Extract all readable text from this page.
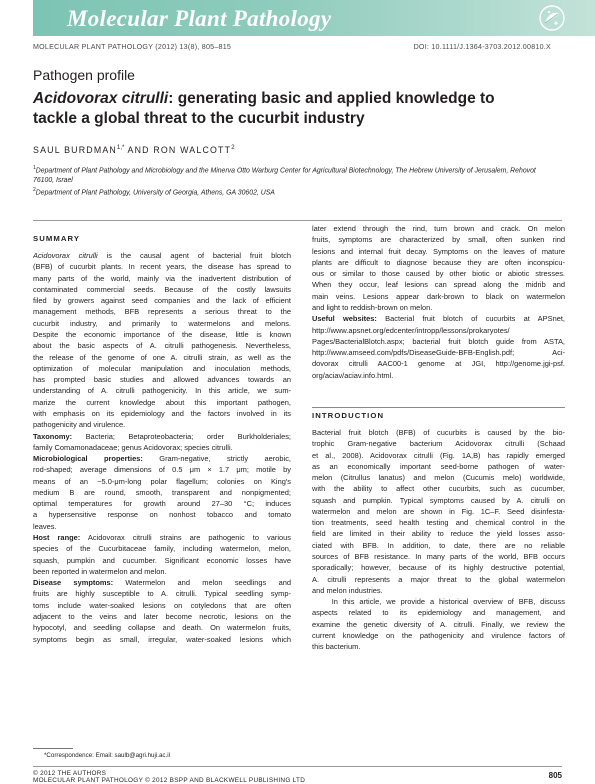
Molecular Plant Pathology
MOLECULAR PLANT PATHOLOGY (2012) 13(8), 805–815	DOI: 10.1111/J.1364-3703.2012.00810.X
Pathogen profile
Acidovorax citrulli: generating basic and applied knowledge to
tackle a global threat to the cucurbit industry
SAUL $BURDMAN^{1,*}$ AND RON WALCOTT$^2$
$^1$Department of Plant Pathology and Microbiology and the Minerva Otto Warburg Center for Agricultural Biotechnology, The Hebrew University of Jerusalem, Rehovot
76100, Israel
$^2$Department of Plant Pathology, University of Georgia, Athens, GA 30602, USA

SUMMARY

Acidovorax citrulli is the causal agent of bacterial fruit blotch
(BFB) of cucurbit plants. In recent years, the disease has spread to
many parts of the world, mainly via the inadvertent distribution of
contaminated commercial seeds. Because of the costly lawsuits
filed by growers against seed companies and the lack of efficient
management methods, BFB represents a serious threat to the
cucurbit industry, and primarily to watermelons and melons.
Despite the economic importance of the disease, little is known
about the basic aspects of A. citrulli pathogenesis. Nevertheless,
the release of the genome of one A. citrulli strain, as well as the
optimization of molecular manipulation and inoculation methods,
has prompted basic studies and allowed advances towards an
understanding of A. citrulli pathogenicity. In this article, we sum-
marize the current knowledge about this important pathogen,
with emphasis on its epidemiology and the factors involved in its
pathogenicity and virulence.
Taxonomy: Bacteria; Betaproteobacteria; order Burkholderiales;
family Comamonadaceae; genus Acidovorax; species citrulli.
Microbiological properties: Gram-negative, strictly aerobic,
rod-shaped; average dimensions of 0.5 μm × 1.7 μm; motile by
means of an ~5.0-μm-long polar flagellum; colonies on King's
medium B are round, smooth, transparent and nonpigmented;
optimal temperatures for growth around 27–30 °C; induces
a hypersensitive response on nonhost tobacco and tomato
leaves.
Host range: Acidovorax citrulli strains are pathogenic to various
species of the Cucurbitaceae family, including watermelon, melon,
squash, pumpkin and cucumber. Significant economic losses have
been reported in watermelon and melon.
Disease symptoms: Watermelon and melon seedlings and
fruits are highly susceptible to A. citrulli. Typical seedling symp-
toms include water-soaked lesions on cotyledons that are often
adjacent to the veins and later become necrotic, lesions on the
hypocotyl, and seedling collapse and death. On watermelon fruits,
symptoms begin as small, irregular, water-soaked lesions which
later extend through the rind, turn brown and crack. On melon
fruits, symptoms are characterized by small, often sunken rind
lesions and internal fruit decay. Symptoms on the leaves of mature
plants are difficult to diagnose because they are often inconspicu-
ous or similar to those caused by other biotic or abiotic stresses.
When they occur, leaf lesions can spread along the midrib and
main veins. Lesions appear dark-brown to black on watermelon
and light to reddish-brown on melon.
Useful websites: Bacterial fruit blotch of cucurbits at APSnet,
http://www.apsnet.org/edcenter/intropp/lessons/prokaryotes/
Pages/BacterialBlotch.aspx; bacterial fruit blotch guide from ASTA,
http://www.amseed.com/pdfs/DiseaseGuide-BFB-English.pdf; Aci-
dovorax citrulli AAC00-1 genome at JGI, http://genome.jgi-psf.
org/aciav/aciav.info.html.

INTRODUCTION

Bacterial fruit blotch (BFB) of cucurbits is caused by the bio-
trophic Gram-negative bacterium Acidovorax citrulli (Schaad
et al., 2008). Acidovorax citrulli (Fig. 1A,B) has rapidly emerged
as an economically important seed-borne pathogen of water-
melon (Citrullus lanatus) and melon (Cucumis melo) worldwide,
with the ability to affect other cucurbits, such as cucumber,
squash and pumpkin. Typical symptoms caused by A. citrulli on
watermelon and melon are shown in Fig. 1C–F. Seed disinfesta-
tion treatments, seed health testing and chemical control in the
field are limited in their ability to reduce the yield losses asso-
ciated with BFB. In addition, to date, there are no reliable
sources of BFB resistance. In many parts of the world, BFB occurs
sporadically; however, because of its highly destructive potential,
A. citrulli represents a major threat to the global watermelon
and melon industries.
In this article, we provide a historical overview of BFB, discuss
aspects related to its epidemiology and management, and
examine the genetic diversity of A. citrulli. Finally, we review the
current knowledge on the pathogenicity and virulence factors of
this bacterium.
*Correspondence: Email: saulb@agri.huji.ac.il
© 2012 THE AUTHORS
MOLECULAR PLANT PATHOLOGY © 2012 BSPP AND BLACKWELL PUBLISHING LTD
805
